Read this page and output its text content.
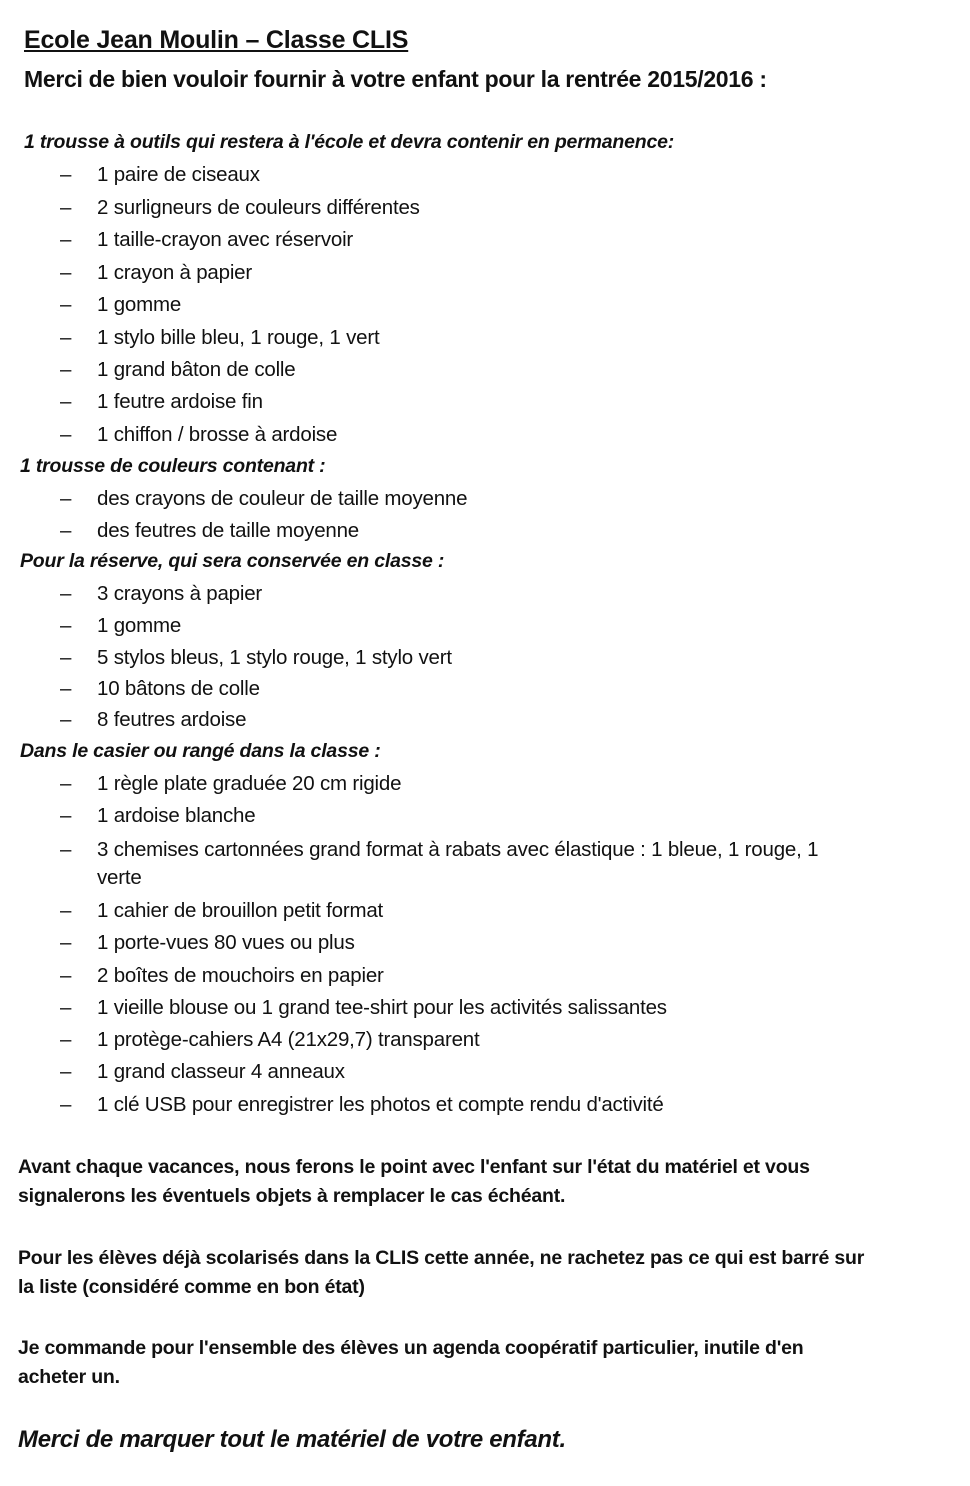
Ecole Jean Moulin – Classe CLIS
Merci de bien vouloir fournir à votre enfant pour la rentrée 2015/2016 :
1 trousse à outils qui restera à l'école et devra contenir en permanence:
– 1 paire de ciseaux
– 2 surligneurs de couleurs différentes
– 1 taille-crayon avec réservoir
– 1 crayon à papier
– 1 gomme
– 1 stylo bille bleu, 1 rouge, 1 vert
– 1 grand bâton de colle
– 1 feutre ardoise fin
– 1 chiffon / brosse à ardoise
1 trousse de couleurs contenant :
– des crayons de couleur de taille moyenne
– des feutres de taille moyenne
Pour la réserve, qui sera conservée en classe :
– 3 crayons à papier
– 1 gomme
– 5 stylos bleus, 1 stylo rouge, 1 stylo vert
– 10 bâtons de colle
– 8 feutres ardoise
Dans le casier ou rangé dans la classe :
– 1 règle plate graduée 20 cm rigide
– 1 ardoise blanche
– 3 chemises cartonnées grand format à rabats avec élastique : 1 bleue, 1 rouge, 1
verte
– 1 cahier de brouillon petit format
– 1 porte-vues 80 vues ou plus
– 2 boîtes de mouchoirs en papier
– 1 vieille blouse ou 1 grand tee-shirt pour les activités salissantes
– 1 protège-cahiers A4 (21x29,7) transparent
– 1 grand classeur 4 anneaux
– 1 clé USB pour enregistrer les photos et compte rendu d'activité
Avant chaque vacances, nous ferons le point avec l'enfant sur l'état du matériel et vous
signalerons les éventuels objets à remplacer le cas échéant.
Pour les élèves déjà scolarisés dans la CLIS cette année, ne rachetez pas ce qui est barré sur
la liste (considéré comme en bon état)
Je commande pour l'ensemble des élèves un agenda coopératif particulier, inutile d'en
acheter un.
Merci de marquer tout le matériel de votre enfant.
